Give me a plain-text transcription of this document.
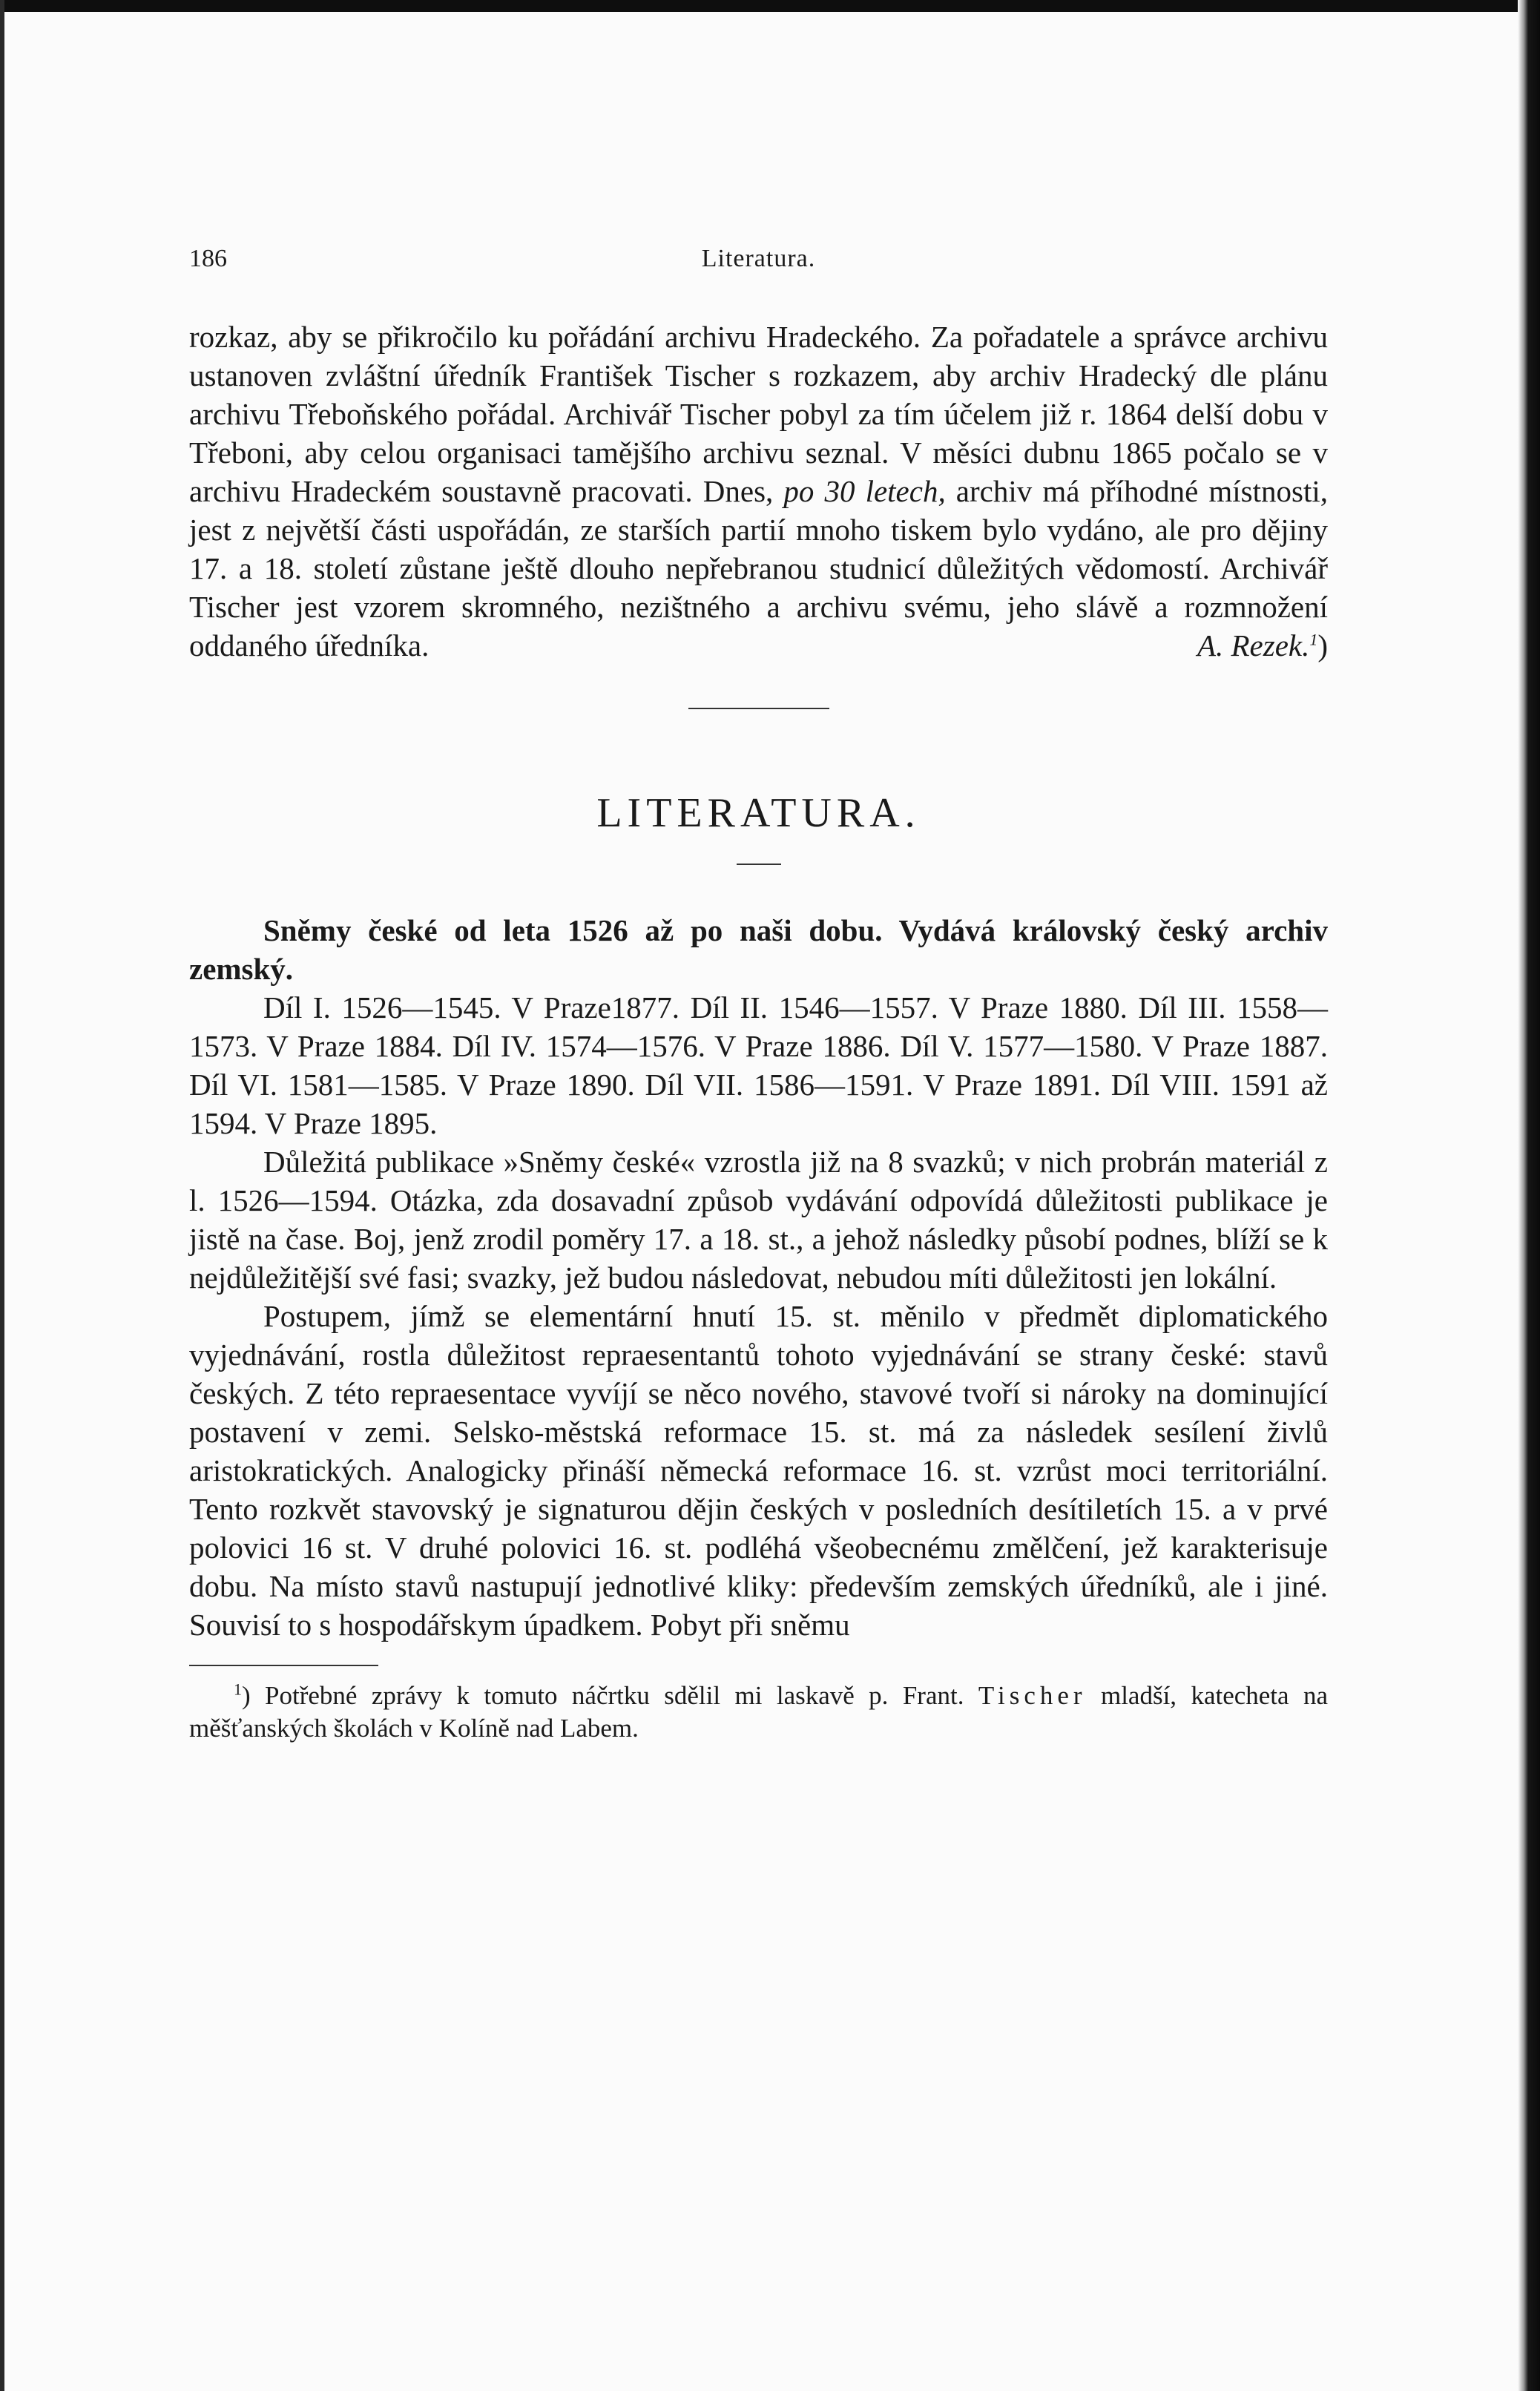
186	Literatura.

rozkaz, aby se přikročilo ku pořádání archivu Hradeckého. Za pořadatele a správce archivu ustanoven zvláštní úředník František Tischer s rozkazem, aby archiv Hradecký dle plánu archivu Třeboňského pořádal. Archivář Tischer pobyl za tím účelem již r. 1864 delší dobu v Třeboni, aby celou organisaci tamějšího archivu seznal. V měsíci dubnu 1865 počalo se v archivu Hradeckém soustavně pracovati. Dnes, po 30 letech, archiv má příhodné místnosti, jest z největší části uspořádán, ze starších partií mnoho tiskem bylo vydáno, ale pro dějiny 17. a 18. století zůstane ještě dlouho nepřebranou studnicí důležitých vědomostí. Archivář Tischer jest vzorem skromného, nezištného a archivu svému, jeho slávě a rozmnožení oddaného úředníka.	A. Rezek.$^1$)

LITERATURA.

Sněmy české od leta 1526 až po naši dobu. Vydává královský český archiv zemský.

Díl I. 1526—1545. V Praze1877. Díl II. 1546—1557. V Praze 1880. Díl III. 1558—1573. V Praze 1884. Díl IV. 1574—1576. V Praze 1886. Díl V. 1577—1580. V Praze 1887. Díl VI. 1581—1585. V Praze 1890. Díl VII. 1586—1591. V Praze 1891. Díl VIII. 1591 až 1594. V Praze 1895.

Důležitá publikace »Sněmy české« vzrostla již na 8 svazků; v nich probrán materiál z l. 1526—1594. Otázka, zda dosavadní způsob vydávání odpovídá důležitosti publikace je jistě na čase. Boj, jenž zrodil poměry 17. a 18. st., a jehož následky působí podnes, blíží se k nejdůležitější své fasi; svazky, jež budou následovat, nebudou míti důležitosti jen lokální.

Postupem, jímž se elementární hnutí 15. st. měnilo v předmět diplomatického vyjednávání, rostla důležitost repraesentantů tohoto vyjednávání se strany české: stavů českých. Z této repraesentace vyvíjí se něco nového, stavové tvoří si nároky na dominující postavení v zemi. Selsko-městská reformace 15. st. má za následek sesílení živlů aristokratických. Analogicky přináší německá reformace 16. st. vzrůst moci territoriální. Tento rozkvět stavovský je signaturou dějin českých v posledních desítiletích 15. a v prvé polovici 16 st. V druhé polovici 16. st. podléhá všeobecnému změlčení, jež karakterisuje dobu. Na místo stavů nastupují jednotlivé kliky: především zemských úředníků, ale i jiné. Souvisí to s hospodářskym úpadkem. Pobyt při sněmu

$^1$) Potřebné zprávy k tomuto náčrtku sdělil mi laskavě p. Frant. Tischer mladší, katecheta na měšťanských školách v Kolíně nad Labem.
